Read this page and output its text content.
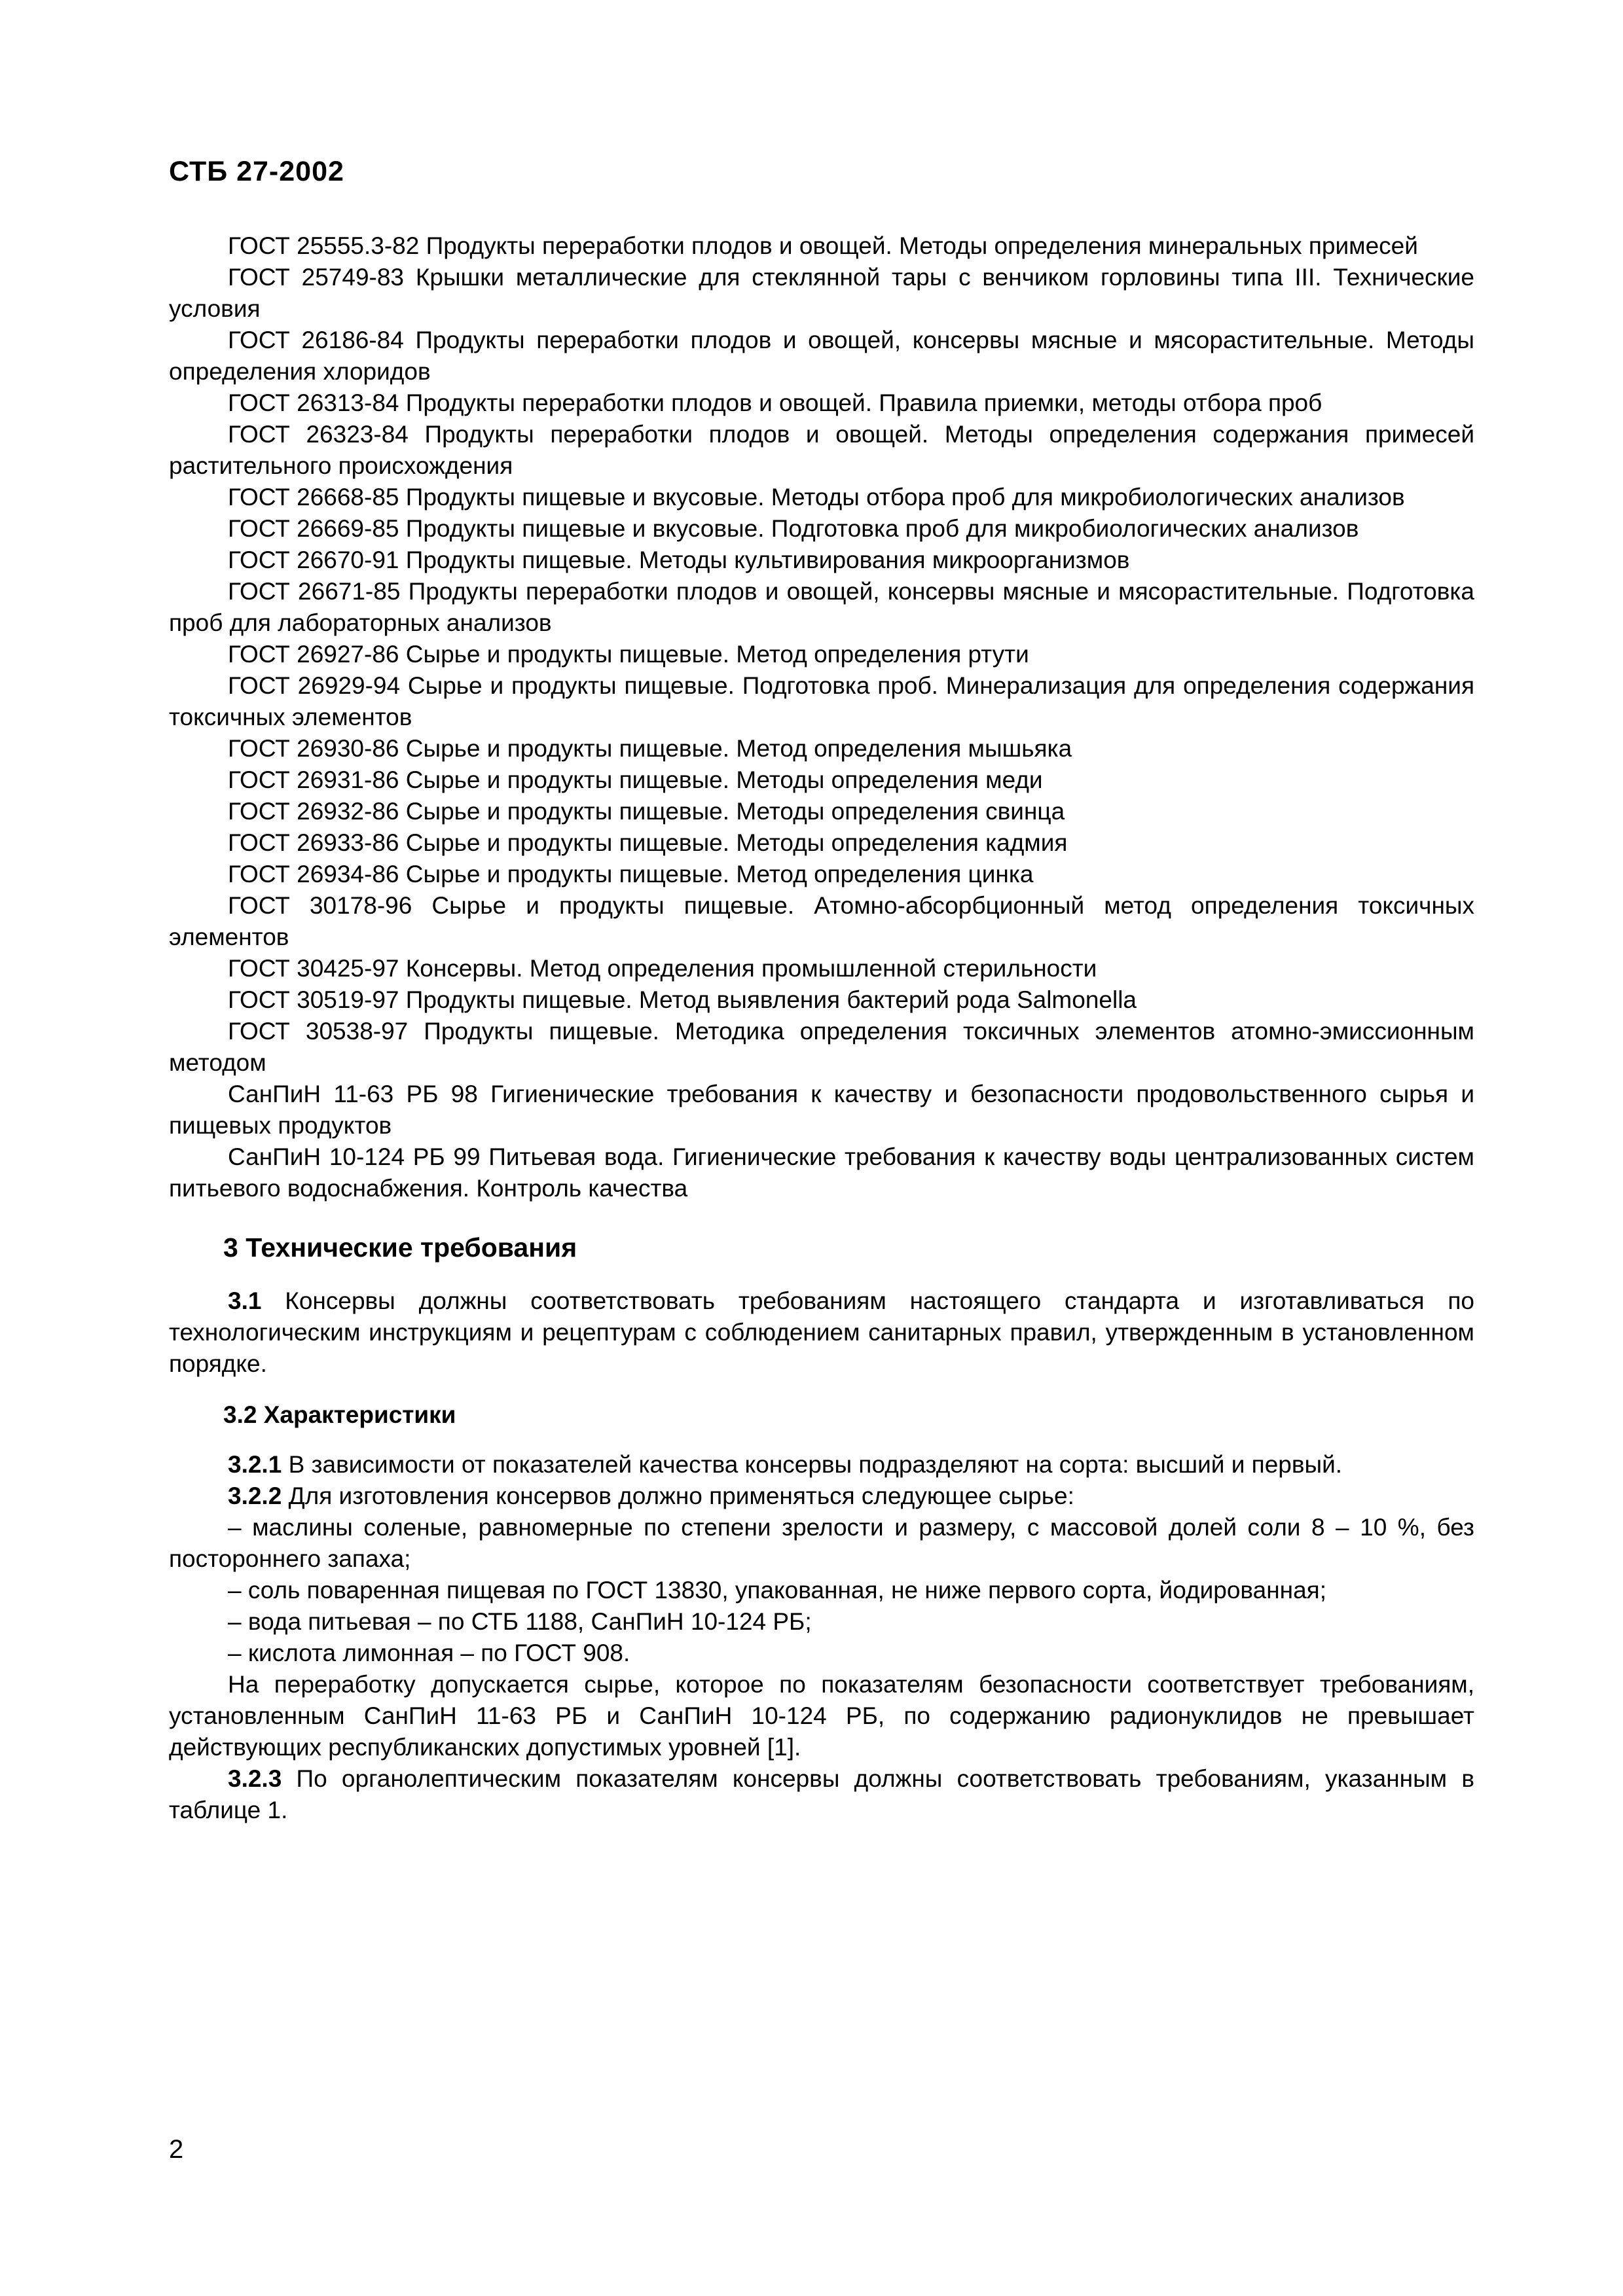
СТБ 27-2002

ГОСТ 25555.3-82 Продукты переработки плодов и овощей. Методы определения минеральных примесей

ГОСТ 25749-83 Крышки металлические для стеклянной тары с венчиком горловины типа III. Технические условия

ГОСТ 26186-84 Продукты переработки плодов и овощей, консервы мясные и мясорастительные. Методы определения хлоридов

ГОСТ 26313-84 Продукты переработки плодов и овощей. Правила приемки, методы отбора проб

ГОСТ 26323-84 Продукты переработки плодов и овощей. Методы определения содержания примесей растительного происхождения

ГОСТ 26668-85 Продукты пищевые и вкусовые. Методы отбора проб для микробиологических анализов

ГОСТ 26669-85 Продукты пищевые и вкусовые. Подготовка проб для микробиологических анализов

ГОСТ 26670-91 Продукты пищевые. Методы культивирования микроорганизмов

ГОСТ 26671-85 Продукты переработки плодов и овощей, консервы мясные и мясорастительные. Подготовка проб для лабораторных анализов

ГОСТ 26927-86 Сырье и продукты пищевые. Метод определения ртути

ГОСТ 26929-94 Сырье и продукты пищевые. Подготовка проб. Минерализация для определения содержания токсичных элементов

ГОСТ 26930-86 Сырье и продукты пищевые. Метод определения мышьяка

ГОСТ 26931-86 Сырье и продукты пищевые. Методы определения меди

ГОСТ 26932-86 Сырье и продукты пищевые. Методы определения свинца

ГОСТ 26933-86 Сырье и продукты пищевые. Методы определения кадмия

ГОСТ 26934-86 Сырье и продукты пищевые. Метод определения цинка

ГОСТ 30178-96 Сырье и продукты пищевые. Атомно-абсорбционный метод определения токсичных элементов

ГОСТ 30425-97 Консервы. Метод определения промышленной стерильности

ГОСТ 30519-97 Продукты пищевые. Метод выявления бактерий рода Salmonella

ГОСТ 30538-97 Продукты пищевые. Методика определения токсичных элементов атомно-эмиссионным методом

СанПиН 11-63 РБ 98 Гигиенические требования к качеству и безопасности продовольственного сырья и пищевых продуктов

СанПиН 10-124 РБ 99 Питьевая вода. Гигиенические требования к качеству воды централизованных систем питьевого водоснабжения. Контроль качества

3 Технические требования

3.1 Консервы должны соответствовать требованиям настоящего стандарта и изготавливаться по технологическим инструкциям и рецептурам с соблюдением санитарных правил, утвержденным в установленном порядке.

3.2 Характеристики

3.2.1 В зависимости от показателей качества консервы подразделяют на сорта: высший и первый.

3.2.2 Для изготовления консервов должно применяться следующее сырье:

– маслины соленые, равномерные по степени зрелости и размеру, с массовой долей соли 8 – 10 %, без постороннего запаха;

– соль поваренная пищевая по ГОСТ 13830, упакованная, не ниже первого сорта, йодированная;

– вода питьевая – по СТБ 1188, СанПиН 10-124 РБ;

– кислота лимонная – по ГОСТ 908.

На переработку допускается сырье, которое по показателям безопасности соответствует требованиям, установленным СанПиН 11-63 РБ и СанПиН 10-124 РБ, по содержанию радионуклидов не превышает действующих республиканских допустимых уровней [1].

3.2.3 По органолептическим показателям консервы должны соответствовать требованиям, указанным в таблице 1.

2
